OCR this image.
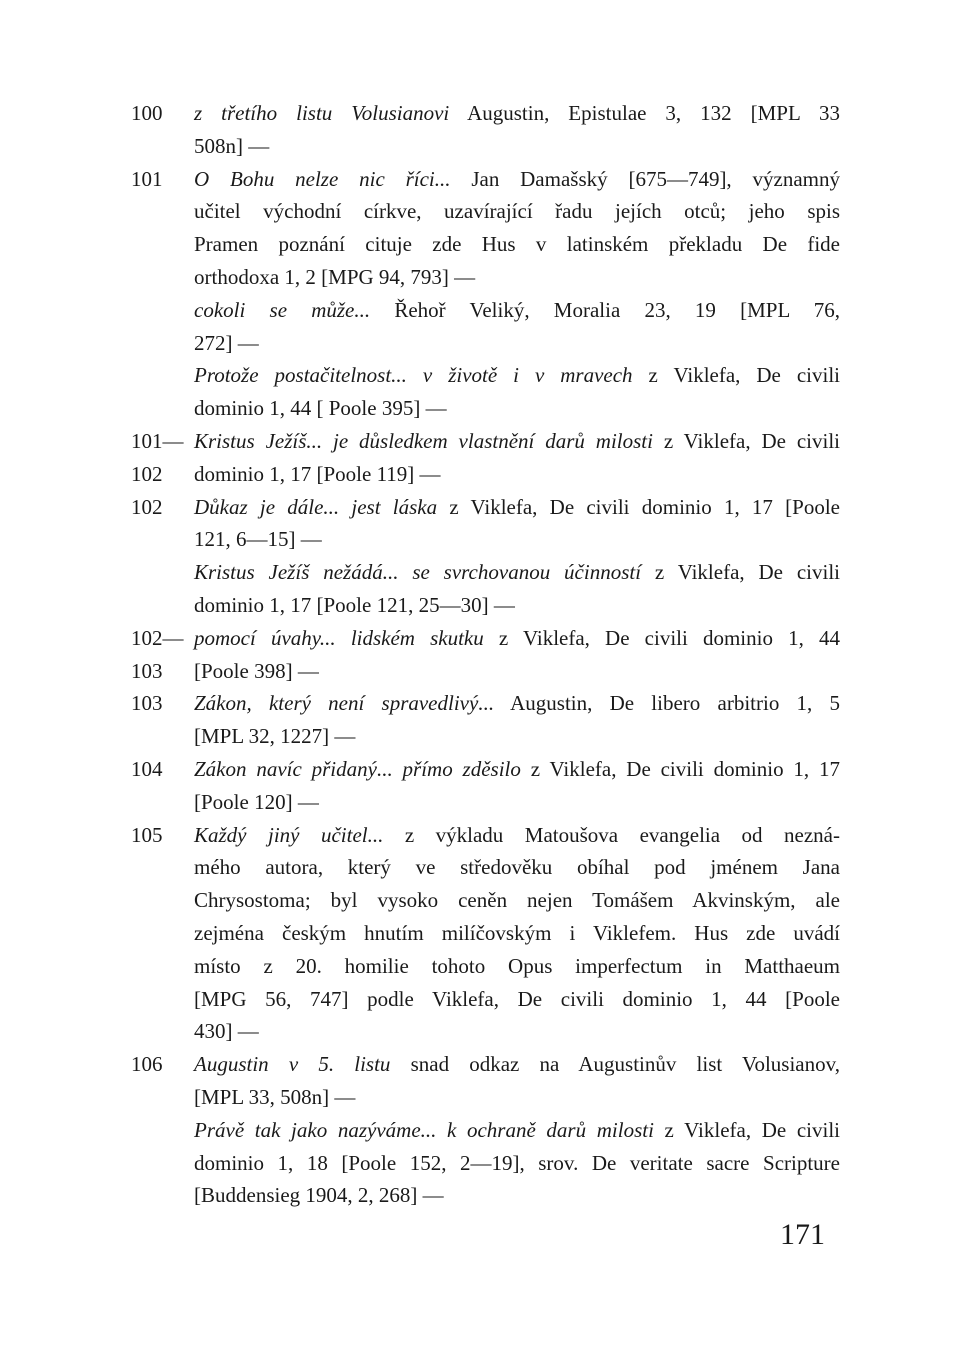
100 z třetího listu Volusianovi Augustin, Epistulae 3, 132 [MPL 33
508n] —
101 O Bohu nelze nic říci... Jan Damašský [675—749], významný
učitel východní církve, uzavírající řadu jejích otců; jeho spis
Pramen poznání cituje zde Hus v latinském překladu De fide
orthodoxa 1, 2 [MPG 94, 793] —
cokoli se může... Řehoř Veliký, Moralia 23, 19 [MPL 76,
272] —
Protože postačitelnost... v životě i v mravech z Viklefa, De civili
dominio 1, 44 [ Poole 395] —
101— Kristus Ježíš... je důsledkem vlastnění darů milosti z Viklefa, De civili
102 dominio 1, 17 [Poole 119] —
102 Důkaz je dále... jest láska z Viklefa, De civili dominio 1, 17 [Poole
121, 6—15] —
Kristus Ježíš nežádá... se svrchovanou účinností z Viklefa, De civili
dominio 1, 17 [Poole 121, 25—30] —
102— pomocí úvahy... lidském skutku z Viklefa, De civili dominio 1, 44
103 [Poole 398] —
103 Zákon, který není spravedlivý... Augustin, De libero arbitrio 1, 5
[MPL 32, 1227] —
104 Zákon navíc přidaný... přímo zděsilo z Viklefa, De civili dominio 1, 17
[Poole 120] —
105 Každý jiný učitel... z výkladu Matoušova evangelia od nezná-
mého autora, který ve středověku obíhal pod jménem Jana
Chrysostoma; byl vysoko ceněn nejen Tomášem Akvinským, ale
zejména českým hnutím milíčovským i Viklefem. Hus zde uvádí
místo z 20. homilie tohoto Opus imperfectum in Matthaeum
[MPG 56, 747] podle Viklefa, De civili dominio 1, 44 [Poole
430] —
106 Augustin v 5. listu snad odkaz na Augustinův list Volusianov,
[MPL 33, 508n] —
Právě tak jako nazýváme... k ochraně darů milosti z Viklefa, De civili
dominio 1, 18 [Poole 152, 2—19], srov. De veritate sacre Scripture
[Buddensieg 1904, 2, 268] —
171
